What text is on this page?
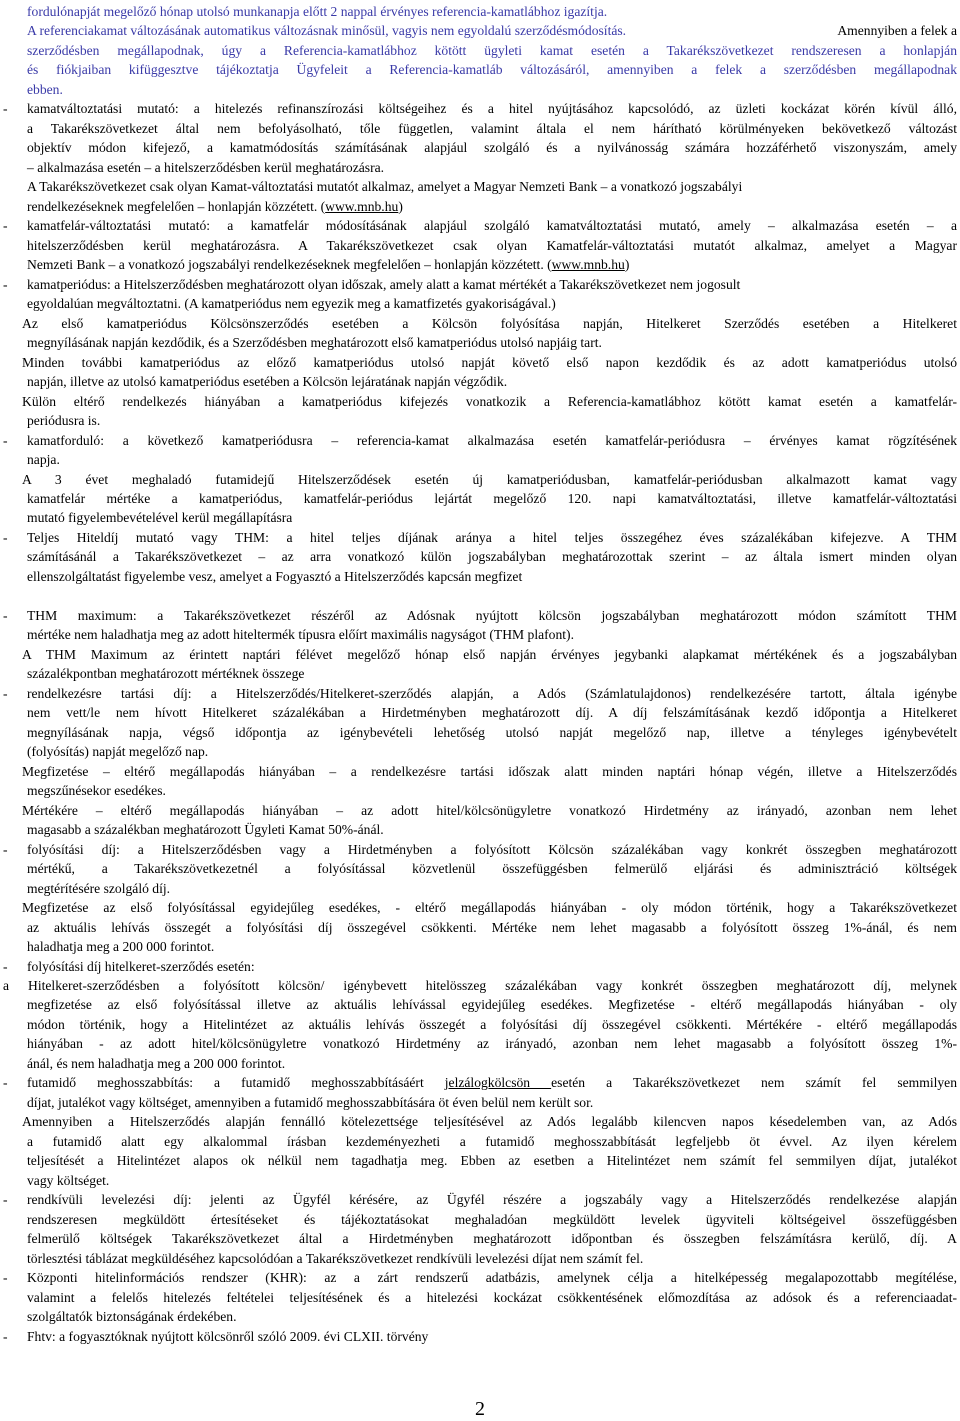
fordulónapját megelőző hónap utolsó munkanapja előtt 2 nappal érvényes referencia-kamatlábhoz igazítja.
A referenciakamat változásának automatikus változásnak minősül, vagyis nem egyoldalú szerződésmódosítás.	Amennyiben a felek a
szerződésben megállapodnak, úgy a Referencia-kamatlábhoz kötött ügyleti kamat esetén a Takarékszövetkezet rendszeresen a honlapján
és fiókjaiban kifüggesztve tájékoztatja Ügyfeleit a Referencia-kamatláb változásáról, amennyiben a felek a szerződésben megállapodnak
ebben.
- kamatváltoztatási mutató: a hitelezés refinanszírozási költségeihez és a hitel nyújtásához kapcsolódó, az üzleti kockázat körén kívül álló,
a Takarékszövetkezet által nem befolyásolható, tőle független, valamint általa el nem hárítható körülményeken bekövetkező változást
objektív módon kifejező, a kamatmódosítás számításának alapjául szolgáló és a nyilvánosság számára hozzáférhető viszonyszám, amely
– alkalmazása esetén – a hitelszerződésben kerül meghatározásra.
A Takarékszövetkezet csak olyan Kamat-változtatási mutatót alkalmaz, amelyet a Magyar Nemzeti Bank – a vonatkozó jogszabályi
rendelkezéseknek megfelelően – honlapján közzétett. (www.mnb.hu)
- kamatfelár-változtatási mutató: a kamatfelár módosításának alapjául szolgáló kamatváltoztatási mutató, amely – alkalmazása esetén – a
hitelszerződésben kerül meghatározásra. A Takarékszövetkezet csak olyan Kamatfelár-változtatási mutatót alkalmaz, amelyet a Magyar
Nemzeti Bank – a vonatkozó jogszabályi rendelkezéseknek megfelelően – honlapján közzétett. (www.mnb.hu)
- kamatperiódus: a Hitelszerződésben meghatározott olyan időszak, amely alatt a kamat mértékét a Takarékszövetkezet nem jogosult
egyoldalúan megváltoztatni. (A kamatperiódus nem egyezik meg a kamatfizetés gyakoriságával.)
Az első kamatperiódus Kölcsönszerződés esetében a Kölcsön folyósítása napján, Hitelkeret Szerződés esetében a Hitelkeret
megnyílásának napján kezdődik, és a Szerződésben meghatározott első kamatperiódus utolsó napjáig tart.
Minden további kamatperiódus az előző kamatperiódus utolsó napját követő első napon kezdődik és az adott kamatperiódus utolsó
napján, illetve az utolsó kamatperiódus esetében a Kölcsön lejáratának napján végződik.
Külön eltérő rendelkezés hiányában a kamatperiódus kifejezés vonatkozik a Referencia-kamatlábhoz kötött kamat esetén a kamatfelár-
periódusra is.
- kamatforduló: a következő kamatperiódusra – referencia-kamat alkalmazása esetén kamatfelár-periódusra – érvényes kamat rögzítésének
napja.
A 3 évet meghaladó futamidejű Hitelszerződések esetén új kamatperiódusban, kamatfelár-periódusban alkalmazott kamat vagy
kamatfelár mértéke a kamatperiódus, kamatfelár-periódus lejártát megelőző 120. napi kamatváltoztatási, illetve kamatfelár-változtatási
mutató figyelembevételével kerül megállapításra
- Teljes Hiteldíj mutató vagy THM: a hitel teljes díjának aránya a hitel teljes összegéhez éves százalékában kifejezve. A THM
számításánál a Takarékszövetkezet – az arra vonatkozó külön jogszabályban meghatározottak szerint – az általa ismert minden olyan
ellenszolgáltatást figyelembe vesz, amelyet a Fogyasztó a Hitelszerződés kapcsán megfizet
- THM maximum: a Takarékszövetkezet részéről az Adósnak nyújtott kölcsön jogszabályban meghatározott módon számított THM
mértéke nem haladhatja meg az adott hiteltermék típusra előírt maximális nagyságot (THM plafont).
A THM Maximum az érintett naptári félévet megelőző hónap első napján érvényes jegybanki alapkamat mértékének és a jogszabályban
százalékpontban meghatározott mértéknek összege
- rendelkezésre tartási díj: a Hitelszerződés/Hitelkeret-szerződés alapján, a Adós (Számlatulajdonos) rendelkezésére tartott, általa igénybe
nem vett/le nem hívott Hitelkeret százalékában a Hirdetményben meghatározott díj. A díj felszámításának kezdő időpontja a Hitelkeret
megnyílásának napja, végső időpontja az igénybevételi lehetőség utolsó napját megelőző nap, illetve a tényleges igénybevételt
(folyósítás) napját megelőző nap.
Megfizetése – eltérő megállapodás hiányában – a rendelkezésre tartási időszak alatt minden naptári hónap végén, illetve a Hitelszerződés
megszűnésekor esedékes.
Mértékére – eltérő megállapodás hiányában – az adott hitel/kölcsönügyletre vonatkozó Hirdetmény az irányadó, azonban nem lehet
magasabb a százalékban meghatározott Ügyleti Kamat 50%-ánál.
- folyósítási díj: a Hitelszerződésben vagy a Hirdetményben a folyósított Kölcsön százalékában vagy konkrét összegben meghatározott
mértékű, a Takarékszövetkezetnél a folyósítással közvetlenül összefüggésben felmerülő eljárási és adminisztráció költségek
megtérítésére szolgáló díj.
Megfizetése az első folyósítással egyidejűleg esedékes, - eltérő megállapodás hiányában - oly módon történik, hogy a Takarékszövetkezet
az aktuális lehívás összegét a folyósítási díj összegével csökkenti. Mértéke nem lehet magasabb a folyósított összeg 1%-ánál, és nem
haladhatja meg a 200 000 forintot.
- folyósítási díj hitelkeret-szerződés esetén:
a Hitelkeret-szerződésben a folyósított kölcsön/ igénybevett hitelösszeg százalékában vagy konkrét összegben meghatározott díj, melynek
megfizetése az első folyósítással illetve az aktuális lehívással egyidejűleg esedékes. Megfizetése - eltérő megállapodás hiányában - oly
módon történik, hogy a Hitelintézet az aktuális lehívás összegét a folyósítási díj összegével csökkenti. Mértékére - eltérő megállapodás
hiányában - az adott hitel/kölcsönügyletre vonatkozó Hirdetmény az irányadó, azonban nem lehet magasabb a folyósított összeg 1%-
ánál, és nem haladhatja meg a 200 000 forintot.
- futamidő meghosszabbítás: a futamidő meghosszabbításáért jelzálogkölcsön esetén a Takarékszövetkezet nem számít fel semmilyen
díjat, jutalékot vagy költséget, amennyiben a futamidő meghosszabbítására öt éven belül nem került sor.
Amennyiben a Hitelszerződés alapján fennálló kötelezettsége teljesítésével az Adós legalább kilencven napos késedelemben van, az Adós
a futamidő alatt egy alkalommal írásban kezdeményezheti a futamidő meghosszabbítását legfeljebb öt évvel. Az ilyen kérelem
teljesítését a Hitelintézet alapos ok nélkül nem tagadhatja meg. Ebben az esetben a Hitelintézet nem számít fel semmilyen díjat, jutalékot
vagy költséget.
- rendkívüli levelezési díj: jelenti az Ügyfél kérésére, az Ügyfél részére a jogszabály vagy a Hitelszerződés rendelkezése alapján
rendszeresen megküldött értesítéseket és tájékoztatásokat meghaladóan megküldött levelek ügyviteli költségeivel összefüggésben
felmerülő költségek Takarékszövetkezet által a Hirdetményben meghatározott időpontban és összegben felszámításra kerülő, díj. A
törlesztési táblázat megküldéséhez kapcsolódóan a Takarékszövetkezet rendkívüli levelezési díjat nem számít fel.
- Központi hitelinformációs rendszer (KHR): az a zárt rendszerű adatbázis, amelynek célja a hitelképesség megalapozottabb megítélése,
valamint a felelős hitelezés feltételei teljesítésének és a hitelezési kockázat csökkentésének előmozdítása az adósok és a referenciaadat-
szolgáltatók biztonságának érdekében.
- Fhtv: a fogyasztóknak nyújtott kölcsönről szóló 2009. évi CLXII. törvény
2
